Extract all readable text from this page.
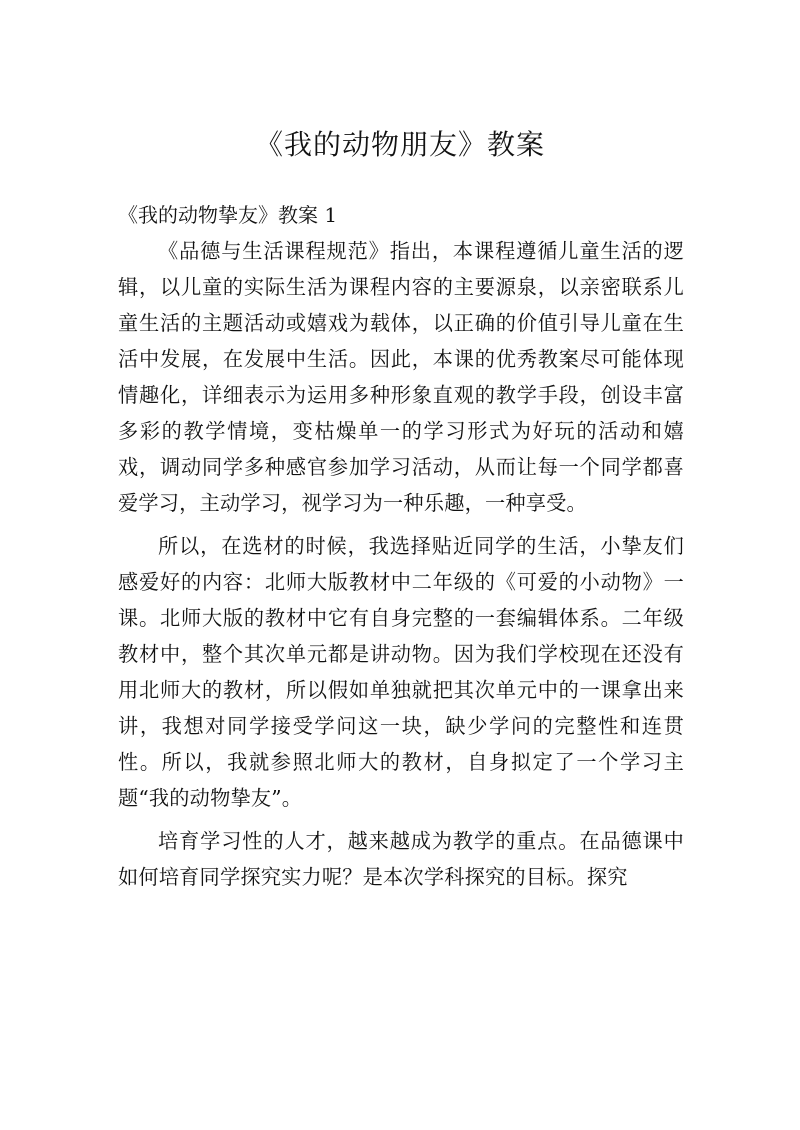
《我的动物朋友》教案

《我的动物挚友》教案 1

《品德与生活课程规范》指出，本课程遵循儿童生活的逻辑，以儿童的实际生活为课程内容的主要源泉，以亲密联系儿童生活的主题活动或嬉戏为载体，以正确的价值引导儿童在生活中发展，在发展中生活。因此，本课的优秀教案尽可能体现情趣化，详细表示为运用多种形象直观的教学手段，创设丰富多彩的教学情境，变枯燥单一的学习形式为好玩的活动和嬉戏，调动同学多种感官参加学习活动，从而让每一个同学都喜爱学习，主动学习，视学习为一种乐趣，一种享受。

所以，在选材的时候，我选择贴近同学的生活，小挚友们感爱好的内容：北师大版教材中二年级的《可爱的小动物》一课。北师大版的教材中它有自身完整的一套编辑体系。二年级教材中，整个其次单元都是讲动物。因为我们学校现在还没有用北师大的教材，所以假如单独就把其次单元中的一课拿出来讲，我想对同学接受学问这一块，缺少学问的完整性和连贯性。所以，我就参照北师大的教材，自身拟定了一个学习主题“我的动物挚友”。

培育学习性的人才，越来越成为教学的重点。在品德课中如何培育同学探究实力呢？是本次学科探究的目标。探究
